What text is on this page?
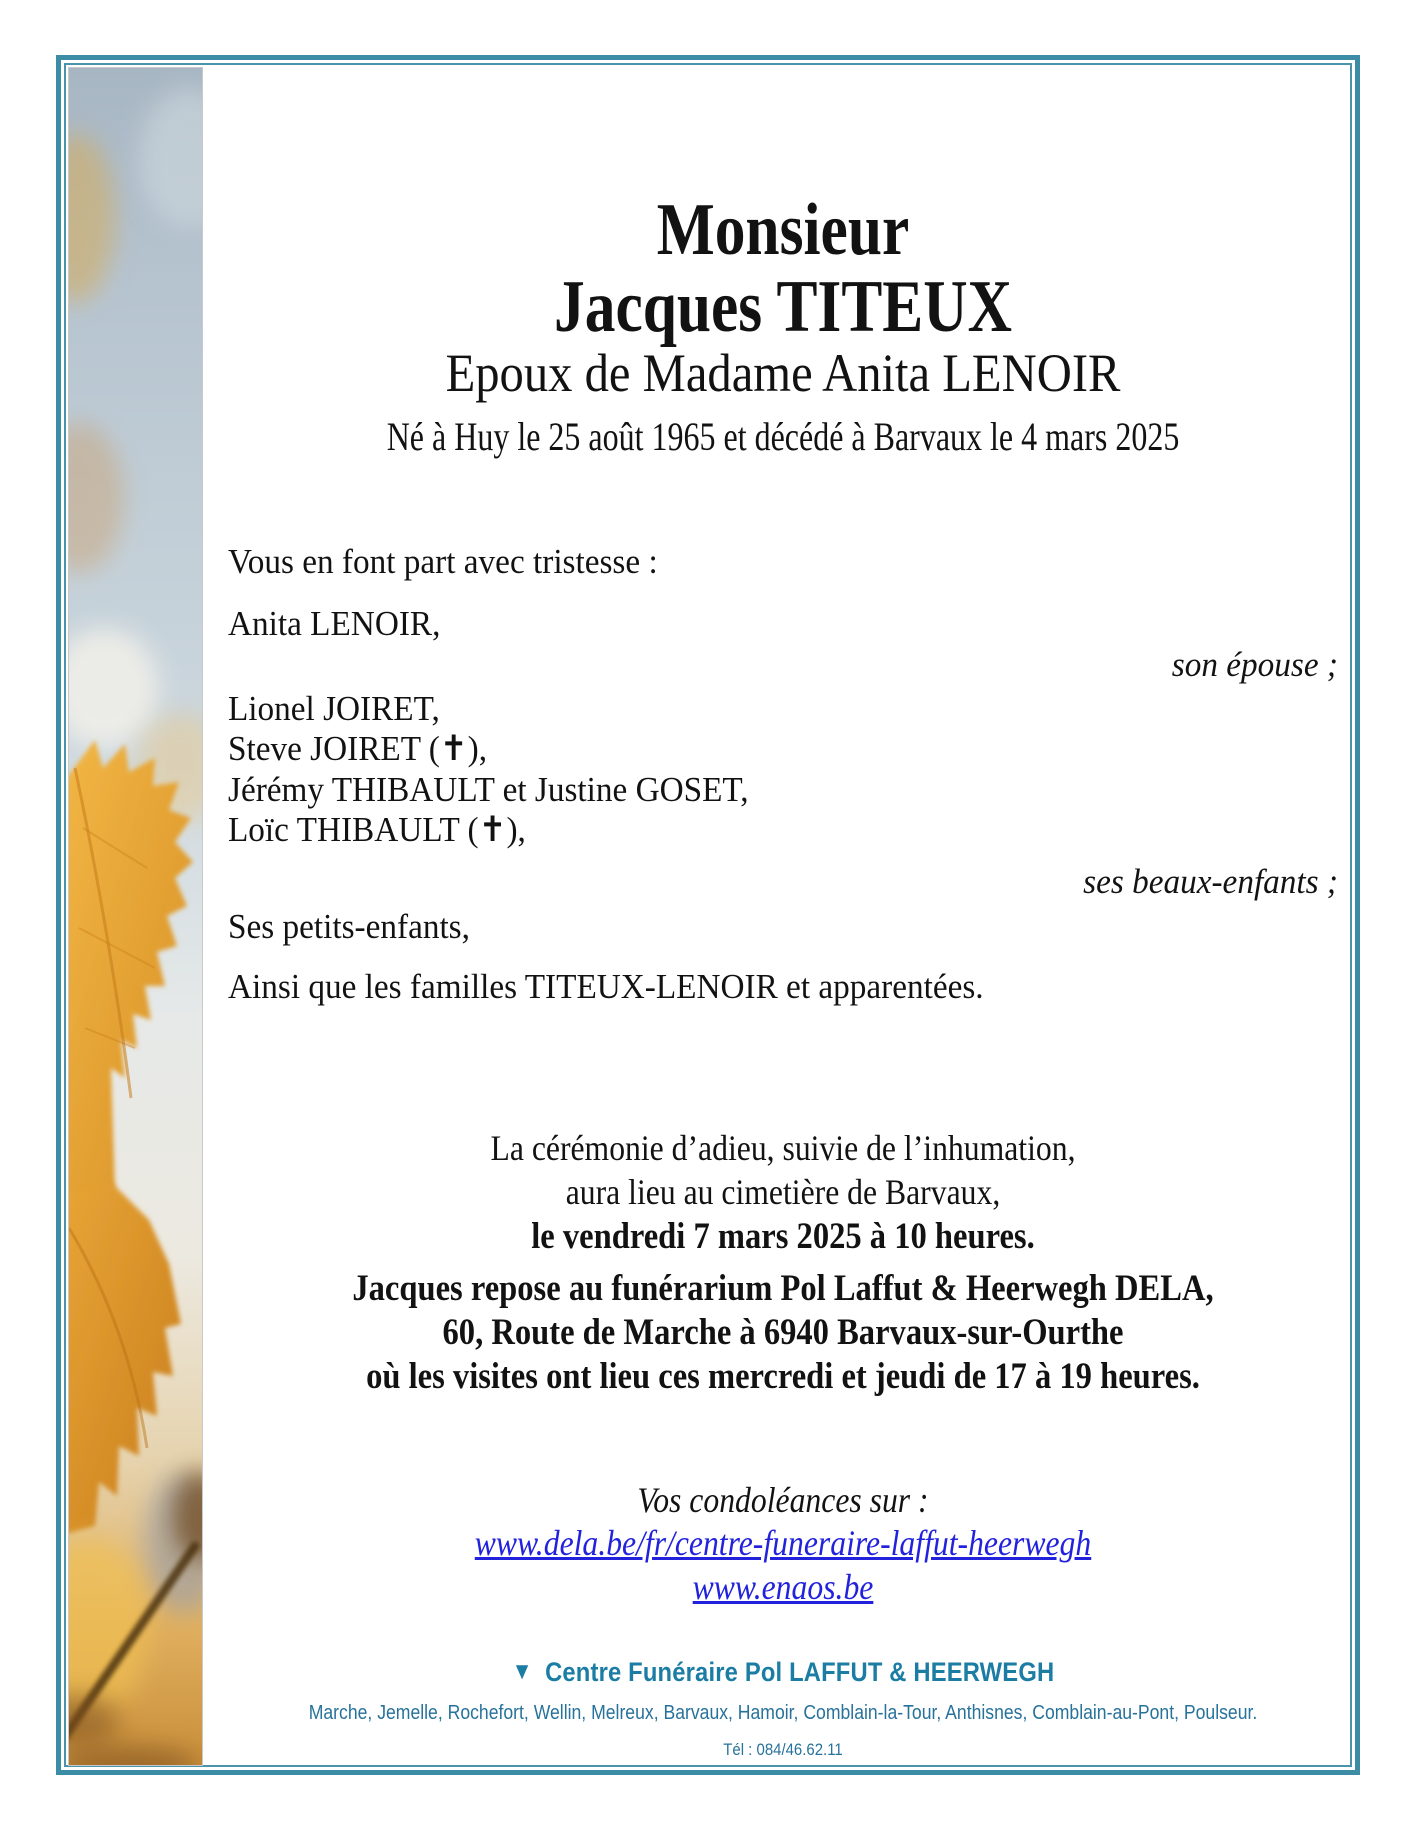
Monsieur
Jacques TITEUX
Epoux de Madame Anita LENOIR

Né à Huy le 25 août 1965 et décédé à Barvaux le 4 mars 2025

Vous en font part avec tristesse :

Anita LENOIR,

son épouse ;

Lionel JOIRET,

Steve JOIRET (✝),

Jérémy THIBAULT et Justine GOSET,

Loïc THIBAULT (✝),

ses beaux-enfants ;

Ses petits-enfants,

Ainsi que les familles TITEUX-LENOIR et apparentées.

La cérémonie d’adieu, suivie de l’inhumation,

aura lieu au cimetière de Barvaux,

le vendredi 7 mars 2025 à 10 heures.

Jacques repose au funérarium Pol Laffut & Heerwegh DELA,

60, Route de Marche à 6940 Barvaux-sur-Ourthe

où les visites ont lieu ces mercredi et jeudi de 17 à 19 heures.

Vos condoléances sur :

www.dela.be/fr/centre-funeraire-laffut-heerwegh

www.enaos.be

▼ Centre Funéraire Pol LAFFUT & HEERWEGH

Marche, Jemelle, Rochefort, Wellin, Melreux, Barvaux, Hamoir, Comblain-la-Tour, Anthisnes, Comblain-au-Pont, Poulseur.

Tél : 084/46.62.11
